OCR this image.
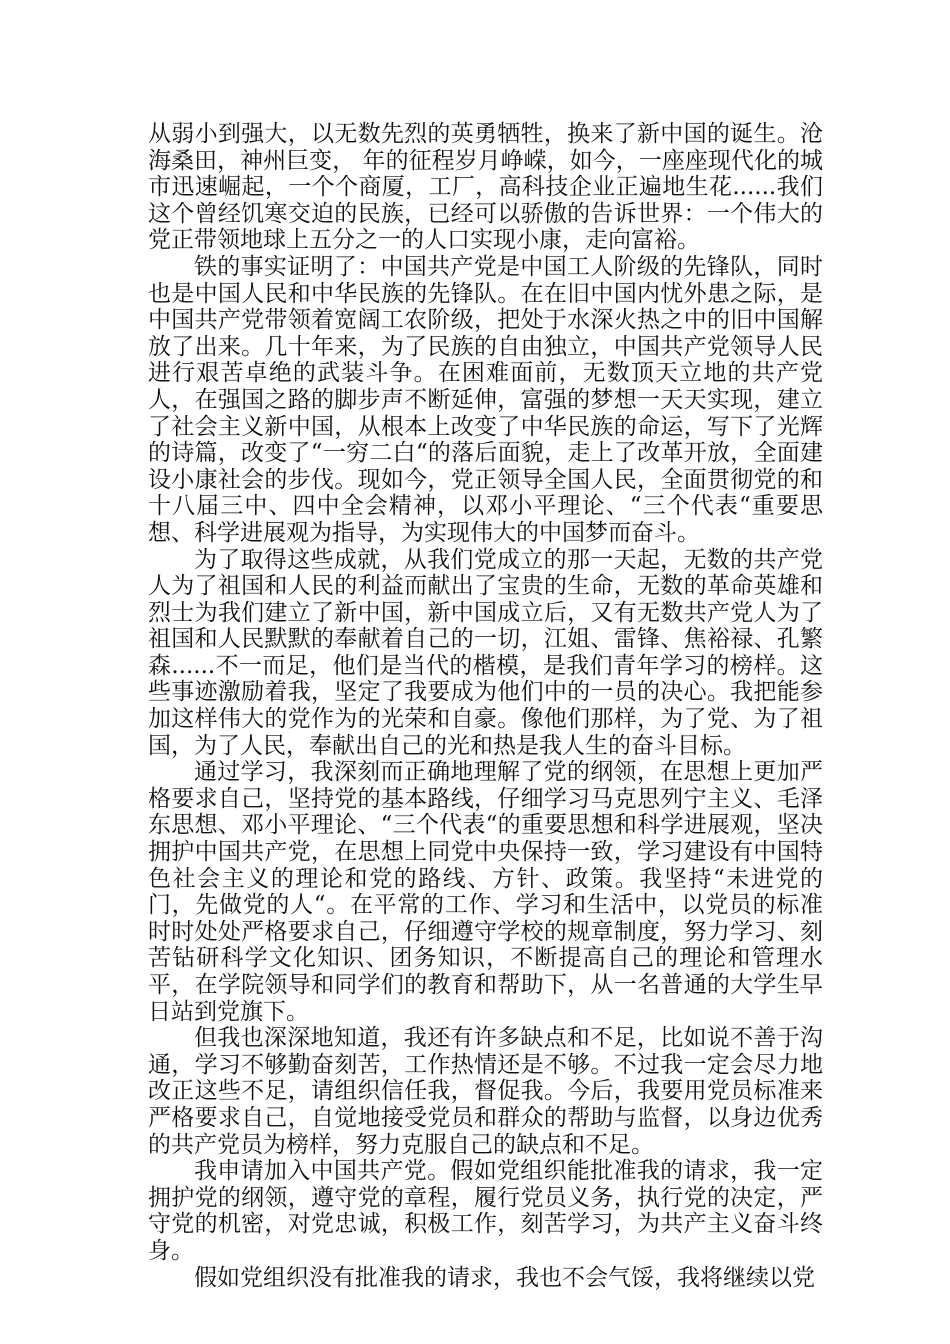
从弱小到强大，以无数先烈的英勇牺牲，换来了新中国的诞生。沧海桑田，神州巨变， 年的征程岁月峥嵘，如今，一座座现代化的城市迅速崛起，一个个商厦，工厂，高科技企业正遍地生花......我们这个曾经饥寒交迫的民族，已经可以骄傲的告诉世界：一个伟大的党正带领地球上五分之一的人口实现小康，走向富裕。

铁的事实证明了：中国共产党是中国工人阶级的先锋队，同时也是中国人民和中华民族的先锋队。在在旧中国内忧外患之际，是中国共产党带领着宽阔工农阶级，把处于水深火热之中的旧中国解放了出来。几十年来，为了民族的自由独立，中国共产党领导人民进行艰苦卓绝的武装斗争。在困难面前，无数顶天立地的共产党人，在强国之路的脚步声不断延伸，富强的梦想一天天实现，建立了社会主义新中国，从根本上改变了中华民族的命运，写下了光辉的诗篇，改变了“一穷二白“的落后面貌，走上了改革开放，全面建设小康社会的步伐。现如今，党正领导全国人民，全面贯彻党的和十八届三中、四中全会精神，以邓小平理论、“三个代表“重要思想、科学进展观为指导，为实现伟大的中国梦而奋斗。

为了取得这些成就，从我们党成立的那一天起，无数的共产党人为了祖国和人民的利益而献出了宝贵的生命，无数的革命英雄和烈士为我们建立了新中国，新中国成立后，又有无数共产党人为了祖国和人民默默的奉献着自己的一切，江姐、雷锋、焦裕禄、孔繁森......不一而足，他们是当代的楷模，是我们青年学习的榜样。这些事迹激励着我，坚定了我要成为他们中的一员的决心。我把能参加这样伟大的党作为的光荣和自豪。像他们那样，为了党、为了祖国，为了人民，奉献出自己的光和热是我人生的奋斗目标。

通过学习，我深刻而正确地理解了党的纲领，在思想上更加严格要求自己，坚持党的基本路线，仔细学习马克思列宁主义、毛泽东思想、邓小平理论、“三个代表“的重要思想和科学进展观，坚决拥护中国共产党，在思想上同党中央保持一致，学习建设有中国特色社会主义的理论和党的路线、方针、政策。我坚持“未进党的门，先做党的人“。在平常的工作、学习和生活中，以党员的标准时时处处严格要求自己，仔细遵守学校的规章制度，努力学习、刻苦钻研科学文化知识、团务知识，不断提高自己的理论和管理水平，在学院领导和同学们的教育和帮助下，从一名普通的大学生早日站到党旗下。

但我也深深地知道，我还有许多缺点和不足，比如说不善于沟通，学习不够勤奋刻苦，工作热情还是不够。不过我一定会尽力地改正这些不足，请组织信任我，督促我。今后，我要用党员标准来严格要求自己，自觉地接受党员和群众的帮助与监督，以身边优秀的共产党员为榜样，努力克服自己的缺点和不足。

我申请加入中国共产党。假如党组织能批准我的请求，我一定拥护党的纲领，遵守党的章程，履行党员义务，执行党的决定，严守党的机密，对党忠诚，积极工作，刻苦学习，为共产主义奋斗终身。

假如党组织没有批准我的请求，我也不会气馁，我将继续以党
